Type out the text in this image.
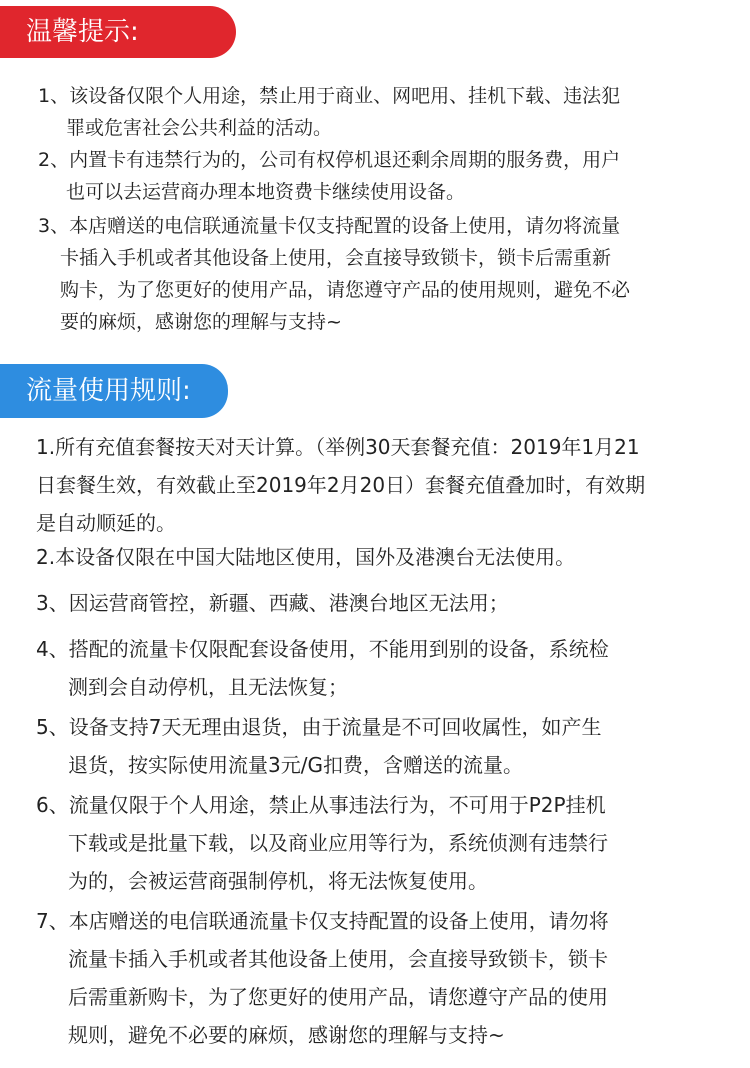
温馨提示:
1、该设备仅限个人用途，禁止用于商业、网吧用、挂机下载、违法犯
罪或危害社会公共利益的活动。
2、内置卡有违禁行为的，公司有权停机退还剩余周期的服务费，用户
也可以去运营商办理本地资费卡继续使用设备。
3、本店赠送的电信联通流量卡仅支持配置的设备上使用，请勿将流量
卡插入手机或者其他设备上使用，会直接导致锁卡，锁卡后需重新
购卡，为了您更好的使用产品，请您遵守产品的使用规则，避免不必
要的麻烦，感谢您的理解与支持~
流量使用规则:
1.所有充值套餐按天对天计算。（举例30天套餐充值：2019年1月21
日套餐生效，有效截止至2019年2月20日）套餐充值叠加时，有效期
是自动顺延的。
2.本设备仅限在中国大陆地区使用，国外及港澳台无法使用。
3、因运营商管控，新疆、西藏、港澳台地区无法用；
4、搭配的流量卡仅限配套设备使用，不能用到别的设备，系统检
测到会自动停机，且无法恢复；
5、设备支持7天无理由退货，由于流量是不可回收属性，如产生
退货，按实际使用流量3元/G扣费，含赠送的流量。
6、流量仅限于个人用途，禁止从事违法行为，不可用于P2P挂机
下载或是批量下载，以及商业应用等行为，系统侦测有违禁行
为的，会被运营商强制停机，将无法恢复使用。
7、本店赠送的电信联通流量卡仅支持配置的设备上使用，请勿将
流量卡插入手机或者其他设备上使用，会直接导致锁卡，锁卡
后需重新购卡，为了您更好的使用产品，请您遵守产品的使用
规则，避免不必要的麻烦，感谢您的理解与支持~
